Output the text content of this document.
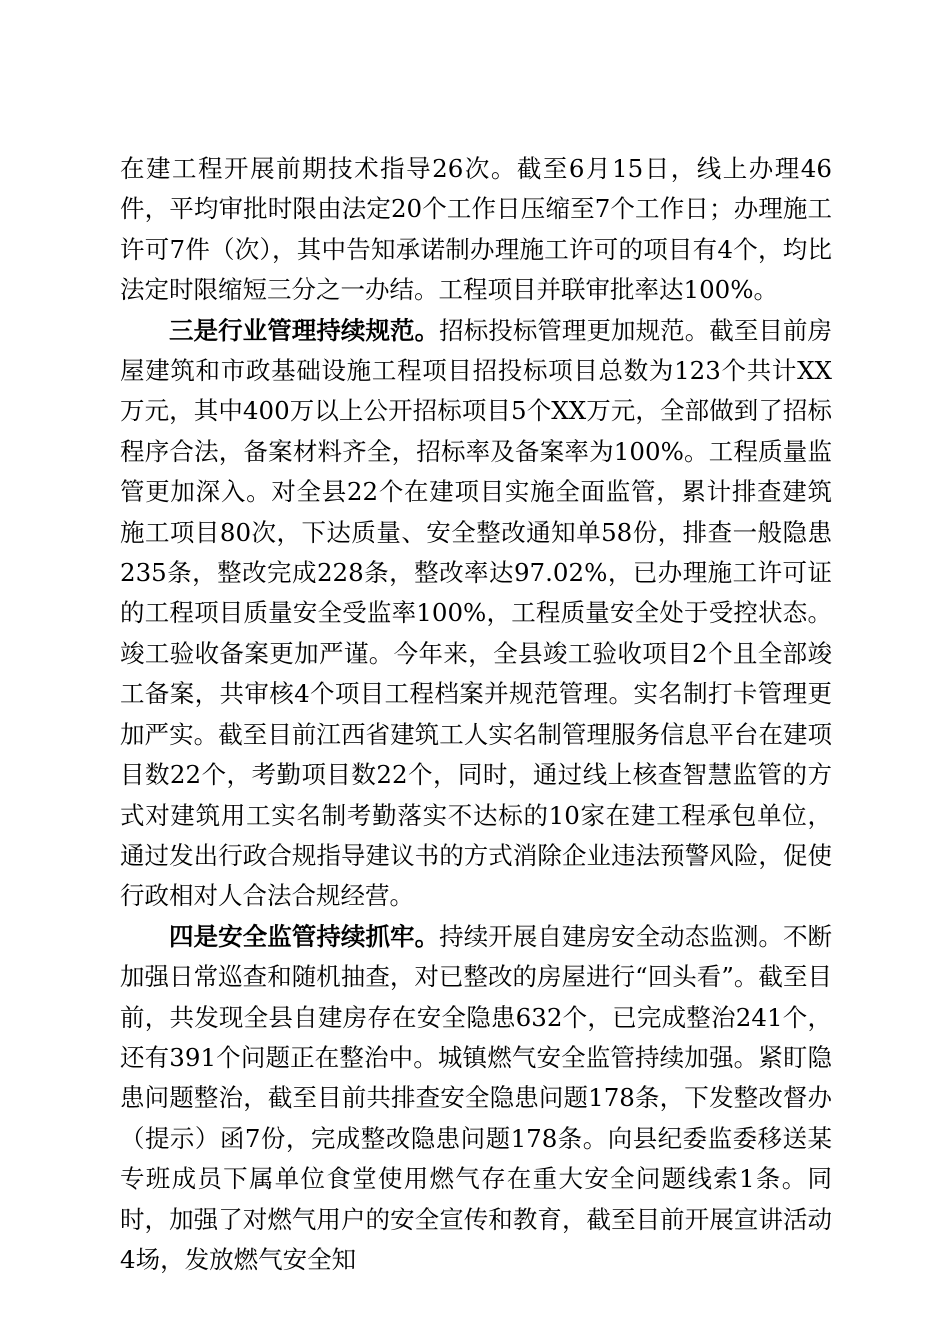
在建工程开展前期技术指导26次。截至6月15日，线上办理46件，平均审批时限由法定20个工作日压缩至7个工作日；办理施工许可7件（次），其中告知承诺制办理施工许可的项目有4个，均比法定时限缩短三分之一办结。工程项目并联审批率达100%。

三是行业管理持续规范。招标投标管理更加规范。截至目前房屋建筑和市政基础设施工程项目招投标项目总数为123个共计XX万元，其中400万以上公开招标项目5个XX万元，全部做到了招标程序合法，备案材料齐全，招标率及备案率为100%。工程质量监管更加深入。对全县22个在建项目实施全面监管，累计排查建筑施工项目80次，下达质量、安全整改通知单58份，排查一般隐患235条，整改完成228条，整改率达97.02%，已办理施工许可证的工程项目质量安全受监率100%，工程质量安全处于受控状态。竣工验收备案更加严谨。今年来，全县竣工验收项目2个且全部竣工备案，共审核4个项目工程档案并规范管理。实名制打卡管理更加严实。截至目前江西省建筑工人实名制管理服务信息平台在建项目数22个，考勤项目数22个，同时，通过线上核查智慧监管的方式对建筑用工实名制考勤落实不达标的10家在建工程承包单位，通过发出行政合规指导建议书的方式消除企业违法预警风险，促使行政相对人合法合规经营。

四是安全监管持续抓牢。持续开展自建房安全动态监测。不断加强日常巡查和随机抽查，对已整改的房屋进行“回头看”。截至目前，共发现全县自建房存在安全隐患632个，已完成整治241个，还有391个问题正在整治中。城镇燃气安全监管持续加强。紧盯隐患问题整治，截至目前共排查安全隐患问题178条，下发整改督办（提示）函7份，完成整改隐患问题178条。向县纪委监委移送某专班成员下属单位食堂使用燃气存在重大安全问题线索1条。同时，加强了对燃气用户的安全宣传和教育，截至目前开展宣讲活动4场，发放燃气安全知
